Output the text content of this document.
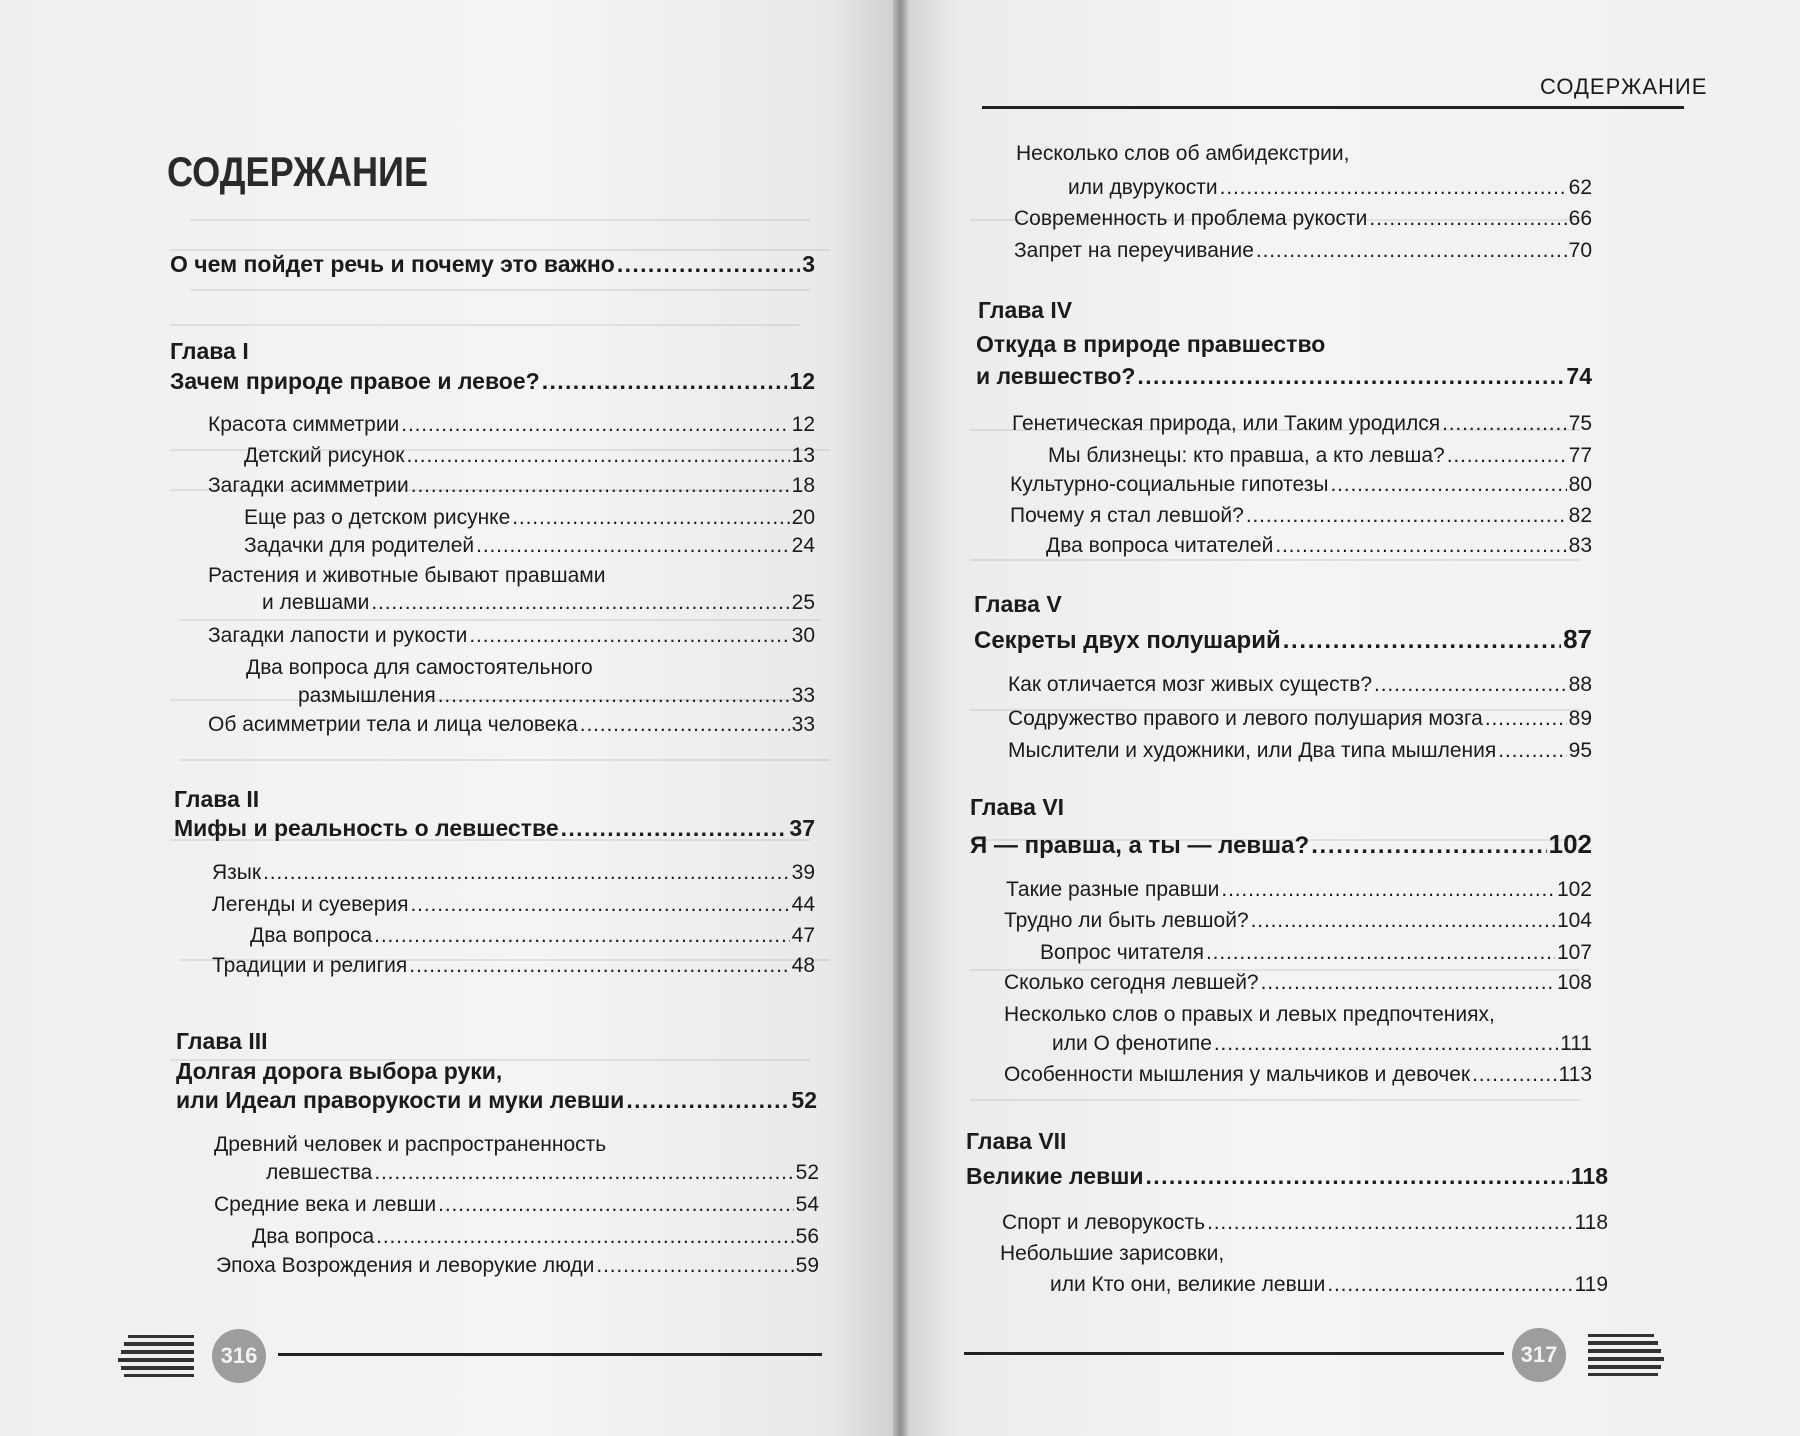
СОДЕРЖАНИЕ
О чем пойдет речь и почему это важно . . .	3
Глава I
Зачем природе правое и левое? . . .	12
Красота симметрии . . .	12
Детский рисунок . . .	13
Загадки асимметрии . . .	18
Еще раз о детском рисунке . . .	20
Задачки для родителей . . .	24
Растения и животные бывают правшами
и левшами . . .	25
Загадки лапости и рукости . . .	30
Два вопроса для самостоятельного
размышления . . .	33
Об асимметрии тела и лица человека . . .	33
Глава II
Мифы и реальность о левшестве . . .	37
Язык . . .	39
Легенды и суеверия . . .	44
Два вопроса . . .	47
Традиции и религия . . .	48
Глава III
Долгая дорога выбора руки,
или Идеал праворукости и муки левши . . .	52
Древний человек и распространенность
левшества . . .	52
Средние века и левши . . .	54
Два вопроса . . .	56
Эпоха Возрождения и леворукие люди . . .	59
316
СОДЕРЖАНИЕ
Несколько слов об амбидекстрии,
или двурукости . . .	62
Современность и проблема рукости . . .	66
Запрет на переучивание . . .	70
Глава IV
Откуда в природе правшество
и левшество? . . .	74
Генетическая природа, или Таким уродился . . .	75
Мы близнецы: кто правша, а кто левша? . . .	77
Культурно-социальные гипотезы . . .	80
Почему я стал левшой? . . .	82
Два вопроса читателей . . .	83
Глава V
Секреты двух полушарий . . .	87
Как отличается мозг живых существ? . . .	88
Содружество правого и левого полушария мозга . . .	89
Мыслители и художники, или Два типа мышления . . .	95
Глава VI
Я — правша, а ты — левша? . . .	102
Такие разные правши . . .	102
Трудно ли быть левшой? . . .	104
Вопрос читателя . . .	107
Сколько сегодня левшей? . . .	108
Несколько слов о правых и левых предпочтениях,
или О фенотипе . . .	111
Особенности мышления у мальчиков и девочек . . .	113
Глава VII
Великие левши . . .	118
Спорт и леворукость . . .	118
Небольшие зарисовки,
или Кто они, великие левши . . .	119
317
